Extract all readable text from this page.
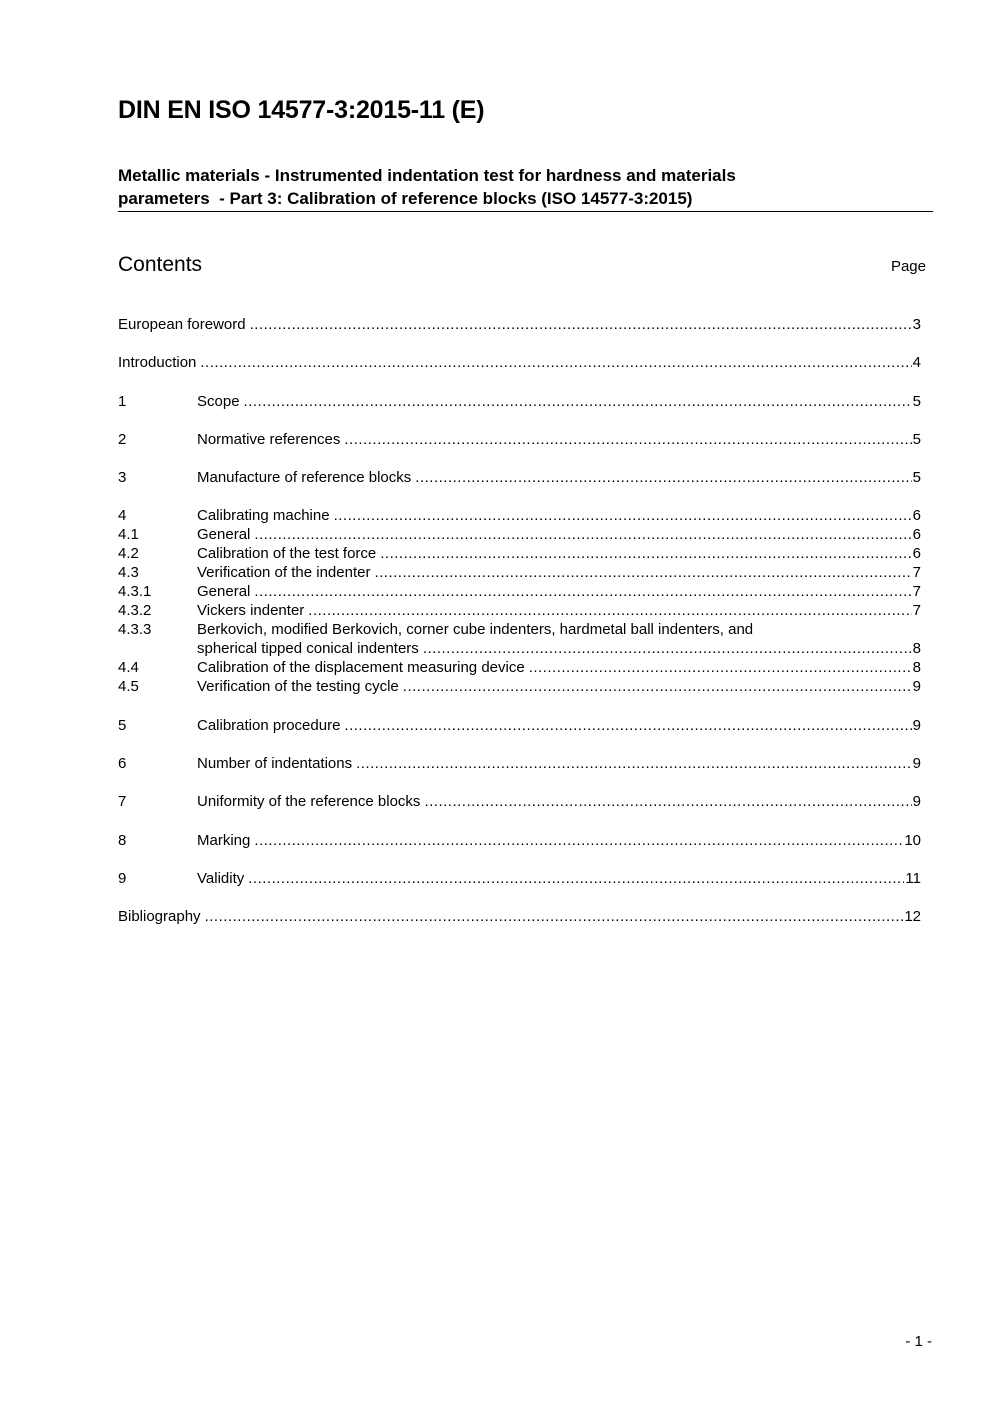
DIN EN ISO 14577-3:2015-11 (E)
Metallic materials - Instrumented indentation test for hardness and materials
parameters  - Part 3: Calibration of reference blocks (ISO 14577-3:2015)
Contents	Page
European foreword .....	3
Introduction .....	4
1	Scope .....	5
2	Normative references .....	5
3	Manufacture of reference blocks .....	5
4	Calibrating machine .....	6
4.1	General .....	6
4.2	Calibration of the test force .....	6
4.3	Verification of the indenter .....	7
4.3.1	General .....	7
4.3.2	Vickers indenter .....	7
4.3.3	Berkovich, modified Berkovich, corner cube indenters, hardmetal ball indenters, and
spherical tipped conical indenters .....	8
4.4	Calibration of the displacement measuring device .....	8
4.5	Verification of the testing cycle .....	9
5	Calibration procedure .....	9
6	Number of indentations .....	9
7	Uniformity of the reference blocks .....	9
8	Marking .....	10
9	Validity .....	11
Bibliography .....	12
- 1 -
